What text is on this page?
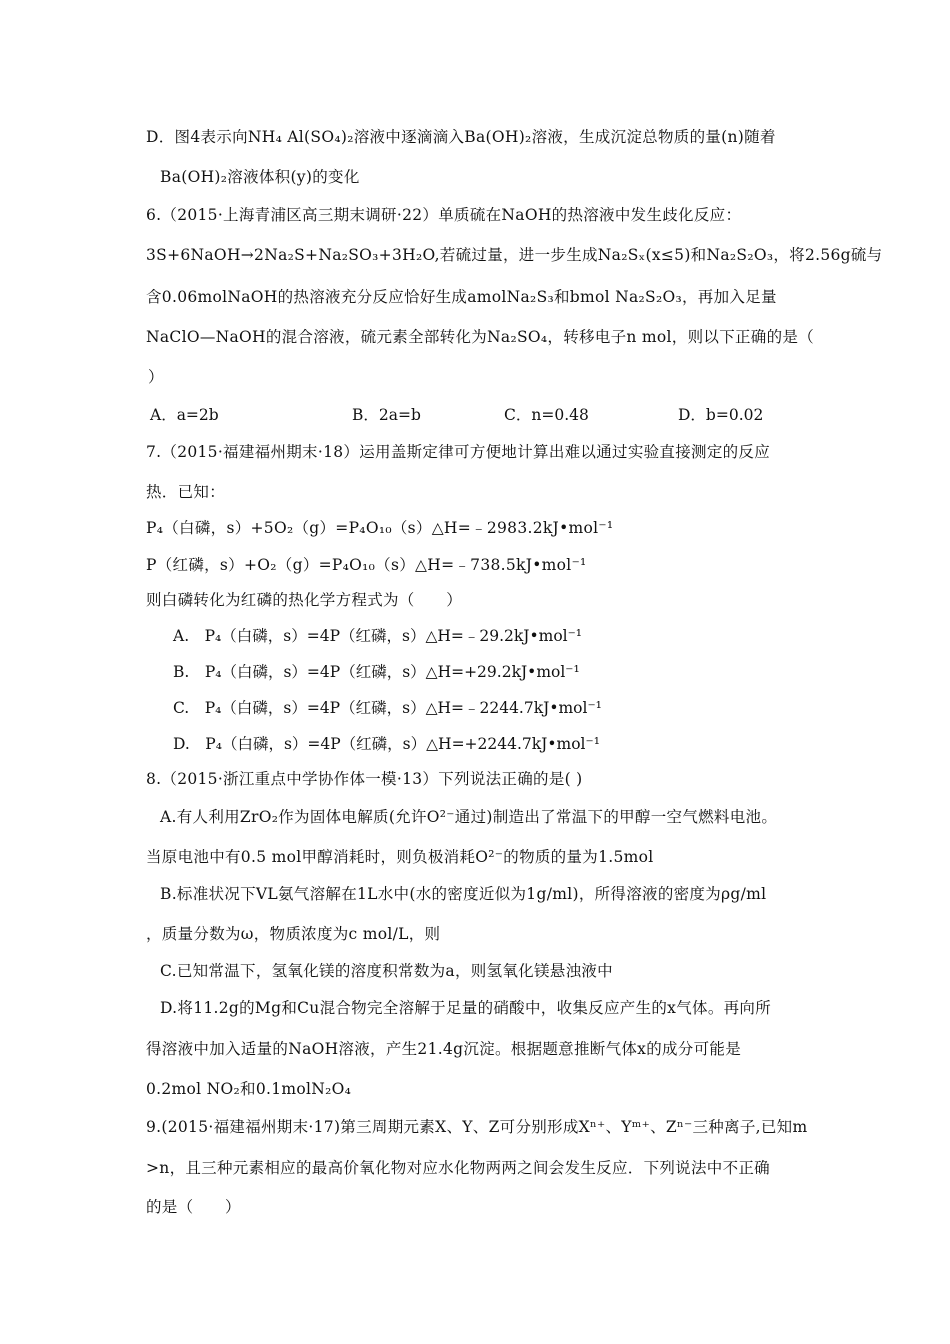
D．图4表示向NH₄ Al(SO₄)₂溶液中逐滴滴入Ba(OH)₂溶液，生成沉淀总物质的量(n)随着
Ba(OH)₂溶液体积(y)的变化
6.（2015·上海青浦区高三期末调研·22）单质硫在NaOH的热溶液中发生歧化反应：
3S+6NaOH→2Na₂S+Na₂SO₃+3H₂O,若硫过量，进一步生成Na₂Sₓ(x≤5)和Na₂S₂O₃，将2.56g硫与
含0.06molNaOH的热溶液充分反应恰好生成amolNa₂S₃和bmol Na₂S₂O₃，再加入足量
NaClO—NaOH的混合溶液，硫元素全部转化为Na₂SO₄，转移电子n mol，则以下正确的是（
）
A．a=2b	B．2a=b	C．n=0.48	D．b=0.02
7.（2015·福建福州期末·18）运用盖斯定律可方便地计算出难以通过实验直接测定的反应
热．已知：
P₄（白磷，s）+5O₂（g）=P₄O₁₀（s）△H=﹣2983.2kJ•mol⁻¹
P（红磷，s）+O₂（g）=P₄O₁₀（s）△H=﹣738.5kJ•mol⁻¹
则白磷转化为红磷的热化学方程式为（　　）
A.　P₄（白磷，s）=4P（红磷，s）△H=﹣29.2kJ•mol⁻¹
B.　P₄（白磷，s）=4P（红磷，s）△H=+29.2kJ•mol⁻¹
C.　P₄（白磷，s）=4P（红磷，s）△H=﹣2244.7kJ•mol⁻¹
D.　P₄（白磷，s）=4P（红磷，s）△H=+2244.7kJ•mol⁻¹
8.（2015·浙江重点中学协作体一模·13）下列说法正确的是( )
A.有人利用ZrO₂作为固体电解质(允许O²⁻通过)制造出了常温下的甲醇一空气燃料电池。
当原电池中有0.5 mol甲醇消耗时，则负极消耗O²⁻的物质的量为1.5mol
B.标准状况下VL氨气溶解在1L水中(水的密度近似为1g/ml)，所得溶液的密度为ρg/ml
，质量分数为ω，物质浓度为c mol/L，则
C.已知常温下，氢氧化镁的溶度积常数为a，则氢氧化镁悬浊液中
D.将11.2g的Mg和Cu混合物完全溶解于足量的硝酸中，收集反应产生的x气体。再向所
得溶液中加入适量的NaOH溶液，产生21.4g沉淀。根据题意推断气体x的成分可能是
0.2mol NO₂和0.1molN₂O₄
9.(2015·福建福州期末·17)第三周期元素X、Y、Z可分别形成Xⁿ⁺、Yᵐ⁺、Zⁿ⁻三种离子,已知m
>n，且三种元素相应的最高价氧化物对应水化物两两之间会发生反应．下列说法中不正确
的是（　　）
